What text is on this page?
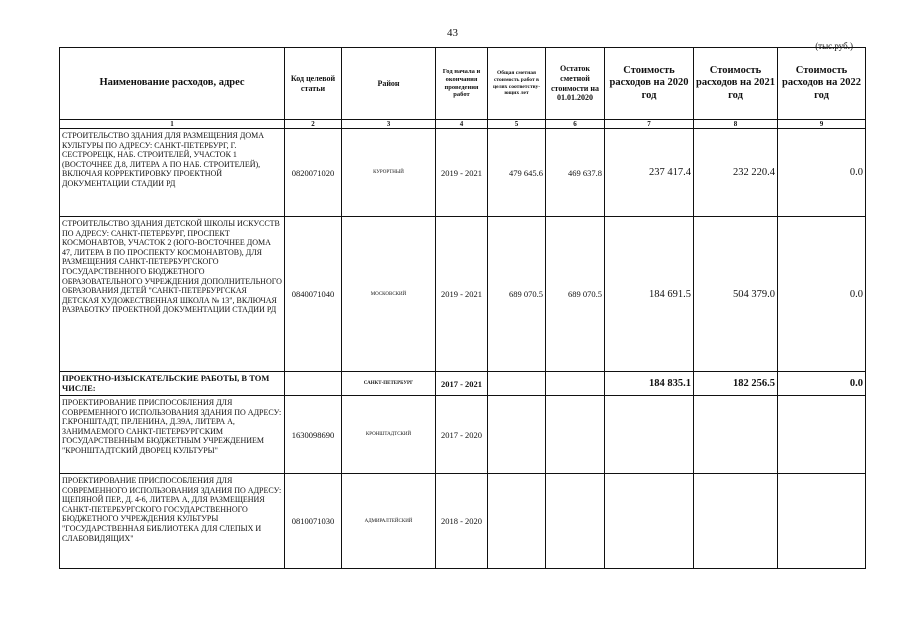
43
(тыс.руб.)
Наименование расходов, адрес	Код целевой статьи	Район	Год начала и окончания проведения работ	Общая сметная стоимость работ в целях соответству-ющих лет	Остаток сметной стоимости на 01.01.2020	Стоимость расходов на 2020 год	Стоимость расходов на 2021 год	Стоимость расходов на 2022 год
1	2	3	4	5	6	7	8	9
СТРОИТЕЛЬСТВО ЗДАНИЯ ДЛЯ РАЗМЕЩЕНИЯ ДОМА КУЛЬТУРЫ ПО АДРЕСУ: САНКТ-ПЕТЕРБУРГ, Г. СЕСТРОРЕЦК, НАБ. СТРОИТЕЛЕЙ, УЧАСТОК 1 (ВОСТОЧНЕЕ Д.8, ЛИТЕРА А ПО НАБ. СТРОИТЕЛЕЙ), ВКЛЮЧАЯ КОРРЕКТИРОВКУ ПРОЕКТНОЙ ДОКУМЕНТАЦИИ СТАДИИ РД	0820071020	КУРОРТНЫЙ	2019 - 2021	479 645.6	469 637.8	237 417.4	232 220.4	0.0
СТРОИТЕЛЬСТВО ЗДАНИЯ ДЕТСКОЙ ШКОЛЫ ИСКУССТВ ПО АДРЕСУ: САНКТ-ПЕТЕРБУРГ, ПРОСПЕКТ КОСМОНАВТОВ, УЧАСТОК 2 (ЮГО-ВОСТОЧНЕЕ ДОМА 47, ЛИТЕРА В ПО ПРОСПЕКТУ КОСМОНАВТОВ), ДЛЯ РАЗМЕЩЕНИЯ САНКТ-ПЕТЕРБУРГСКОГО ГОСУДАРСТВЕННОГО БЮДЖЕТНОГО ОБРАЗОВАТЕЛЬНОГО УЧРЕЖДЕНИЯ ДОПОЛНИТЕЛЬНОГО ОБРАЗОВАНИЯ ДЕТЕЙ "САНКТ-ПЕТЕРБУРГСКАЯ ДЕТСКАЯ ХУДОЖЕСТВЕННАЯ ШКОЛА № 13", ВКЛЮЧАЯ РАЗРАБОТКУ ПРОЕКТНОЙ ДОКУМЕНТАЦИИ СТАДИИ РД	0840071040	МОСКОВСКИЙ	2019 - 2021	689 070.5	689 070.5	184 691.5	504 379.0	0.0
ПРОЕКТНО-ИЗЫСКАТЕЛЬСКИЕ РАБОТЫ, В ТОМ ЧИСЛЕ:		САНКТ-ПЕТЕРБУРГ	2017 - 2021			184 835.1	182 256.5	0.0
ПРОЕКТИРОВАНИЕ ПРИСПОСОБЛЕНИЯ ДЛЯ СОВРЕМЕННОГО ИСПОЛЬЗОВАНИЯ ЗДАНИЯ ПО АДРЕСУ: Г.КРОНШТАДТ, ПР.ЛЕНИНА, Д.39А, ЛИТЕРА А, ЗАНИМАЕМОГО САНКТ-ПЕТЕРБУРГСКИМ ГОСУДАРСТВЕННЫМ БЮДЖЕТНЫМ УЧРЕЖДЕНИЕМ "КРОНШТАДТСКИЙ ДВОРЕЦ КУЛЬТУРЫ"	1630098690	КРОНШТАДТСКИЙ	2017 - 2020					
ПРОЕКТИРОВАНИЕ ПРИСПОСОБЛЕНИЯ ДЛЯ СОВРЕМЕННОГО ИСПОЛЬЗОВАНИЯ ЗДАНИЯ ПО АДРЕСУ: ЩЕПЯНОЙ ПЕР., Д. 4-6, ЛИТЕРА А, ДЛЯ РАЗМЕЩЕНИЯ САНКТ-ПЕТЕРБУРГСКОГО ГОСУДАРСТВЕННОГО БЮДЖЕТНОГО УЧРЕЖДЕНИЯ КУЛЬТУРЫ "ГОСУДАРСТВЕННАЯ БИБЛИОТЕКА ДЛЯ СЛЕПЫХ И СЛАБОВИДЯЩИХ"	0810071030	АДМИРАЛТЕЙСКИЙ	2018 - 2020					
